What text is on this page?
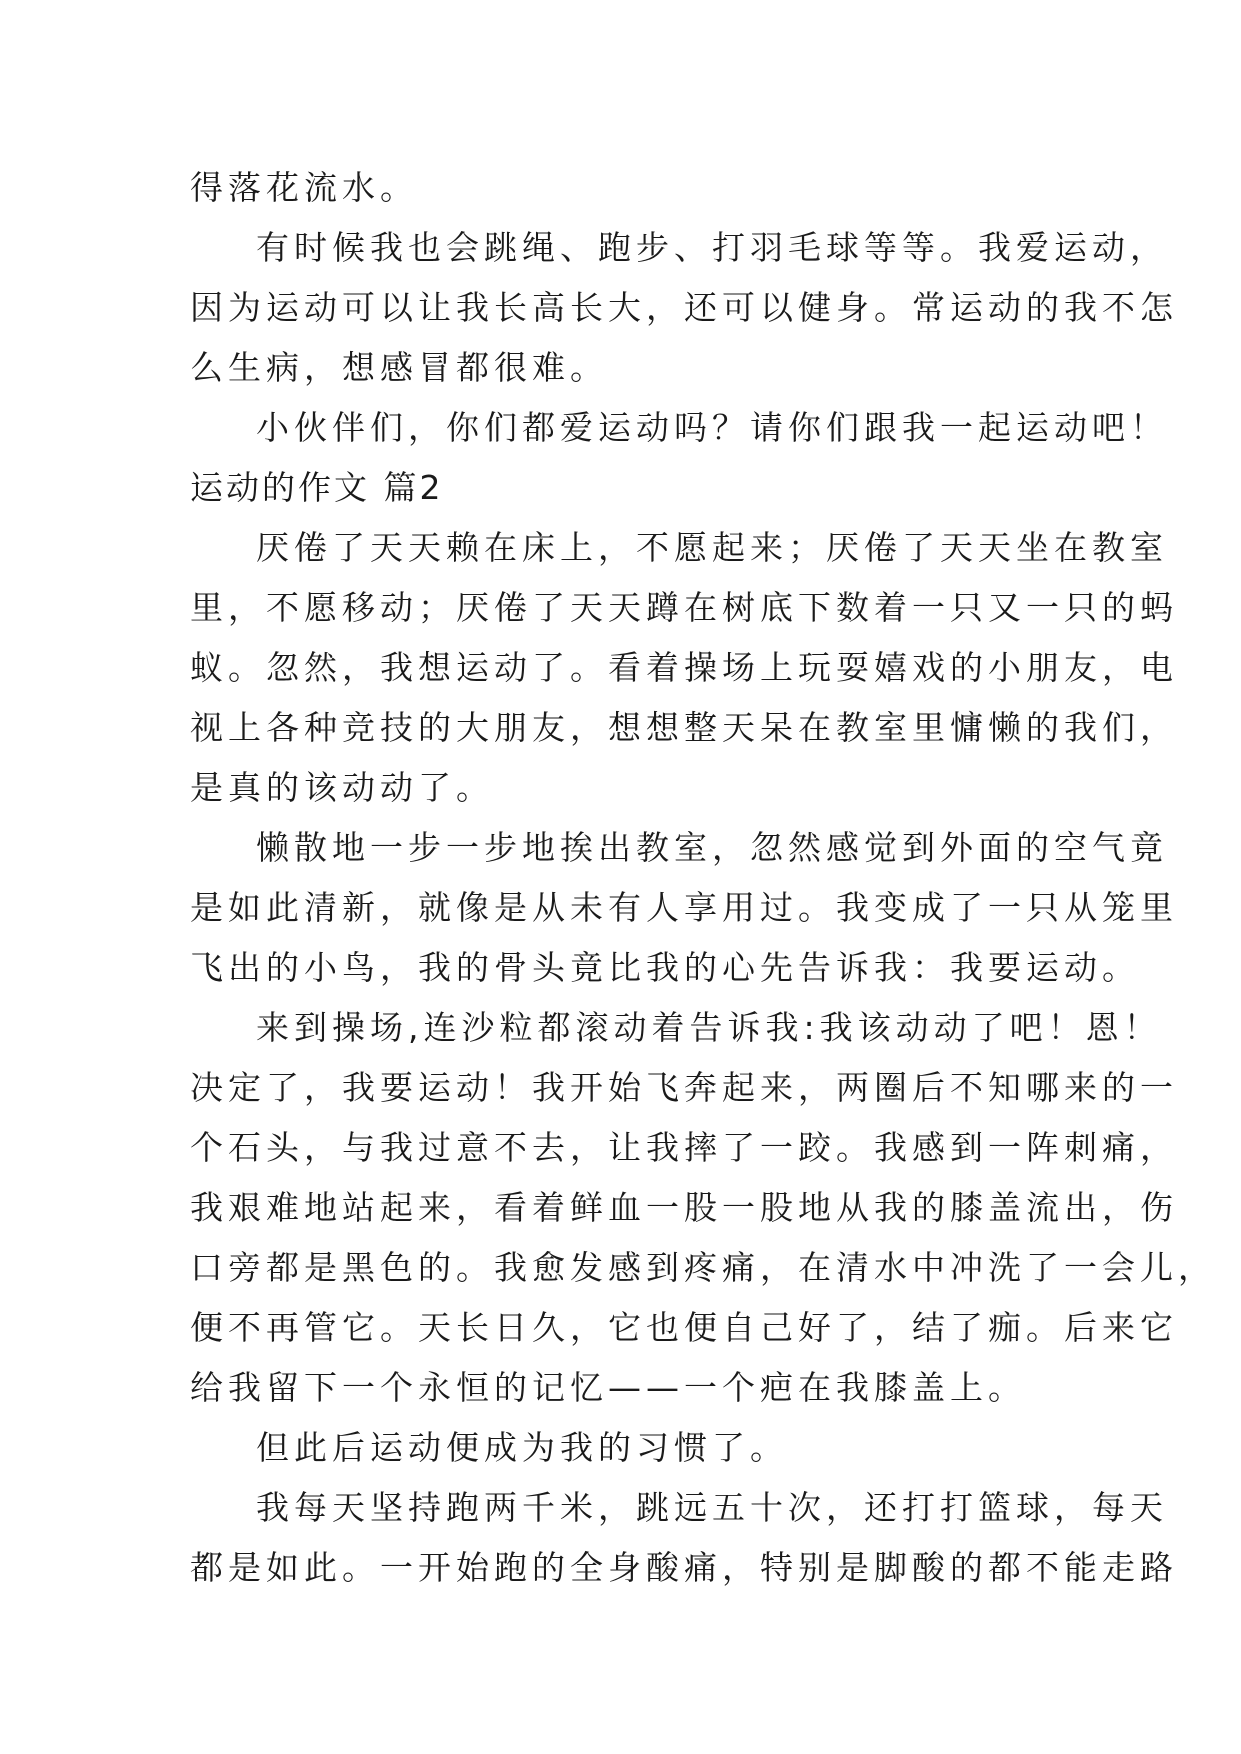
得落花流水。
有时候我也会跳绳、跑步、打羽毛球等等。我爱运动，
因为运动可以让我长高长大，还可以健身。常运动的我不怎
么生病，想感冒都很难。
小伙伴们，你们都爱运动吗？请你们跟我一起运动吧！
运动的作文 篇2
厌倦了天天赖在床上，不愿起来；厌倦了天天坐在教室
里，不愿移动；厌倦了天天蹲在树底下数着一只又一只的蚂
蚁。忽然，我想运动了。看着操场上玩耍嬉戏的小朋友，电
视上各种竞技的大朋友，想想整天呆在教室里慵懒的我们，
是真的该动动了。
懒散地一步一步地挨出教室，忽然感觉到外面的空气竟
是如此清新，就像是从未有人享用过。我变成了一只从笼里
飞出的小鸟，我的骨头竟比我的心先告诉我：我要运动。
来到操场,连沙粒都滚动着告诉我:我该动动了吧！恩！
决定了，我要运动！我开始飞奔起来，两圈后不知哪来的一
个石头，与我过意不去，让我摔了一跤。我感到一阵刺痛，
我艰难地站起来，看着鲜血一股一股地从我的膝盖流出，伤
口旁都是黑色的。我愈发感到疼痛，在清水中冲洗了一会儿，
便不再管它。天长日久，它也便自己好了，结了痂。后来它
给我留下一个永恒的记忆——一个疤在我膝盖上。
但此后运动便成为我的习惯了。
我每天坚持跑两千米，跳远五十次，还打打篮球，每天
都是如此。一开始跑的全身酸痛，特别是脚酸的都不能走路
